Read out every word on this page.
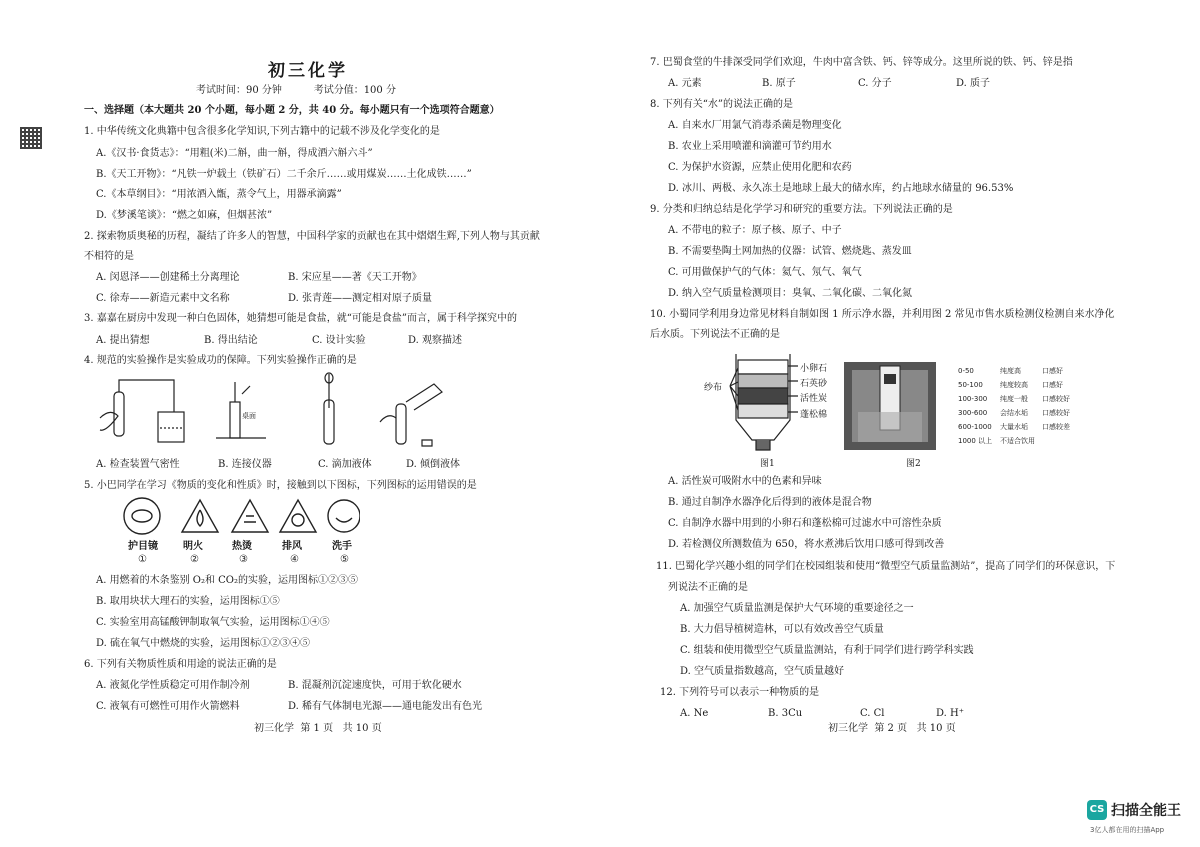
初三化学
考试时间：90 分钟          考试分值：100 分
一、选择题（本大题共 20 个小题，每小题 2 分，共 40 分。每小题只有一个选项符合题意）
1. 中华传统文化典籍中包含很多化学知识,下列古籍中的记载不涉及化学变化的是
A.《汉书·食货志》：“用粗(米)二斛，曲一斛，得成酒六斛六斗”
B.《天工开物》：“凡铁一炉载土（铁矿石）二千余斤……或用煤炭……土化成铁……”
C.《本草纲目》：“用浓酒入甑，蒸令气上，用器承滴露”
D.《梦溪笔谈》：“燃之如麻，但烟甚浓”
2. 探索物质奥秘的历程，凝结了许多人的智慧，中国科学家的贡献也在其中熠熠生辉,下列人物与其贡献
不相符的是
A. 闵恩泽——创建稀土分离理论	B. 宋应星——著《天工开物》
C. 徐寿——新造元素中文名称	D. 张青莲——测定相对原子质量
3. 嘉嘉在厨房中发现一种白色固体，她猜想可能是食盐，就“可能是食盐”而言，属于科学探究中的
A. 提出猜想	B. 得出结论	C. 设计实验	D. 观察描述
4. 规范的实验操作是实验成功的保障。下列实验操作正确的是
桌面
A. 检查装置气密性	B. 连接仪器	C. 滴加液体	D. 倾倒液体
5. 小巴同学在学习《物质的变化和性质》时，接触到以下图标，下列图标的运用错误的是
护目镜	明火	热烫	排风	洗手
①	②	③	④	⑤
A. 用燃着的木条鉴别 O₂和 CO₂的实验，运用图标①②③⑤
B. 取用块状大理石的实验，运用图标①⑤
C. 实验室用高锰酸钾制取氧气实验，运用图标①④⑤
D. 硫在氧气中燃烧的实验，运用图标①②③④⑤
6. 下列有关物质性质和用途的说法正确的是
A. 液氮化学性质稳定可用作制冷剂	B. 混凝剂沉淀速度快，可用于软化硬水
C. 液氧有可燃性可用作火箭燃料	D. 稀有气体制电光源——通电能发出有色光
初三化学  第 1 页   共 10 页
7. 巴蜀食堂的牛排深受同学们欢迎，牛肉中富含铁、钙、锌等成分。这里所说的铁、钙、锌是指
A. 元素	B. 原子	C. 分子	D. 质子
8. 下列有关“水”的说法正确的是
A. 自来水厂用氯气消毒杀菌是物理变化
B. 农业上采用喷灌和滴灌可节约用水
C. 为保护水资源，应禁止使用化肥和农药
D. 冰川、两极、永久冻土是地球上最大的储水库，约占地球水储量的 96.53%
9. 分类和归纳总结是化学学习和研究的重要方法。下列说法正确的是
A. 不带电的粒子：原子核、原子、中子
B. 不需要垫陶土网加热的仪器：试管、燃烧匙、蒸发皿
C. 可用做保护气的气体：氦气、氖气、氧气
D. 纳入空气质量检测项目：臭氧、二氧化碳、二氧化氮
10. 小蜀同学利用身边常见材料自制如图 1 所示净水器，并利用图 2 常见市售水质检测仪检测自来水净化
后水质。下列说法不正确的是
小卵石
石英砂
活性炭
蓬松棉
纱布
图1	图2
0-50	纯度高	口感好
50-100 纯度较高 口感好
100-300 纯度一般 口感较好
300-600 会结水垢 口感较好
600-1000 大量水垢 口感较差
1000 以上 不适合饮用
A. 活性炭可吸附水中的色素和异味
B. 通过自制净水器净化后得到的液体是混合物
C. 自制净水器中用到的小卵石和蓬松棉可过滤水中可溶性杂质
D. 若检测仪所测数值为 650，将水煮沸后饮用口感可得到改善
11. 巴蜀化学兴趣小组的同学们在校园组装和使用“微型空气质量监测站”，提高了同学们的环保意识，下
列说法不正确的是
A. 加强空气质量监测是保护大气环境的重要途径之一
B. 大力倡导植树造林，可以有效改善空气质量
C. 组装和使用微型空气质量监测站，有利于同学们进行跨学科实践
D. 空气质量指数越高，空气质量越好
12. 下列符号可以表示一种物质的是
A. Ne	B. 3Cu	C. Cl	D. H⁺
初三化学  第 2 页   共 10 页
CS 扫描全能王
3亿人都在用的扫描App
